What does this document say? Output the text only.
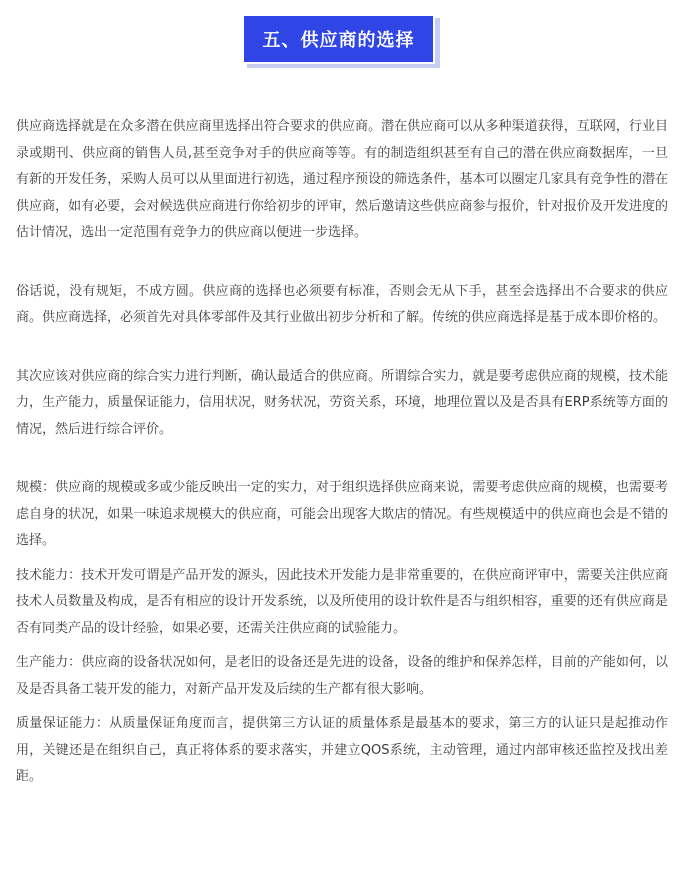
五、供应商的选择

供应商选择就是在众多潜在供应商里选择出符合要求的供应商。潜在供应商可以从多种渠道获得，互联网，行业目录或期刊、供应商的销售人员,甚至竞争对手的供应商等等。有的制造组织甚至有自己的潜在供应商数据库，一旦有新的开发任务，采购人员可以从里面进行初选，通过程序预设的筛选条件，基本可以圈定几家具有竞争性的潜在供应商，如有必要，会对候选供应商进行你给初步的评审，然后邀请这些供应商参与报价，针对报价及开发进度的估计情况，选出一定范围有竞争力的供应商以便进一步选择。

俗话说，没有规矩，不成方圆。供应商的选择也必须要有标准，否则会无从下手，甚至会选择出不合要求的供应商。供应商选择，必须首先对具体零部件及其行业做出初步分析和了解。传统的供应商选择是基于成本即价格的。

其次应该对供应商的综合实力进行判断，确认最适合的供应商。所谓综合实力，就是要考虑供应商的规模，技术能力，生产能力，质量保证能力，信用状况，财务状况，劳资关系，环境，地理位置以及是否具有ERP系统等方面的情况，然后进行综合评价。

规模：供应商的规模或多或少能反映出一定的实力，对于组织选择供应商来说，需要考虑供应商的规模，也需要考虑自身的状况，如果一味追求规模大的供应商，可能会出现客大欺店的情况。有些规模适中的供应商也会是不错的选择。

技术能力：技术开发可谓是产品开发的源头，因此技术开发能力是非常重要的，在供应商评审中，需要关注供应商技术人员数量及构成，是否有相应的设计开发系统，以及所使用的设计软件是否与组织相容，重要的还有供应商是否有同类产品的设计经验，如果必要，还需关注供应商的试验能力。

生产能力：供应商的设备状况如何，是老旧的设备还是先进的设备，设备的维护和保养怎样，目前的产能如何，以及是否具备工装开发的能力，对新产品开发及后续的生产都有很大影响。

质量保证能力：从质量保证角度而言，提供第三方认证的质量体系是最基本的要求，第三方的认证只是起推动作用，关键还是在组织自己，真正将体系的要求落实，并建立QOS系统，主动管理，通过内部审核还监控及找出差距。
